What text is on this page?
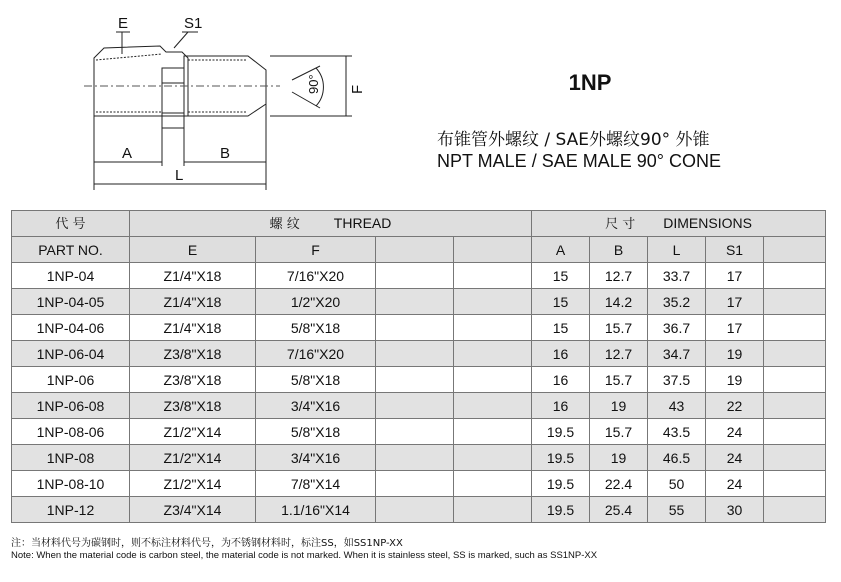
E	S1
A	B
L
F
90°	1NP
布锥管外螺纹 / SAE外螺纹90° 外锥
NPT MALE / SAE MALE 90° CONE
代 号	螺 纹 THREAD				尺 寸 DIMENSIONS				
PART NO.	E	F			A	B	L	S1	
1NP-04	Z1/4"X18	7/16"X20			15	12.7	33.7	17	
1NP-04-05	Z1/4"X18	1/2"X20			15	14.2	35.2	17	
1NP-04-06	Z1/4"X18	5/8"X18			15	15.7	36.7	17	
1NP-06-04	Z3/8"X18	7/16"X20			16	12.7	34.7	19	
1NP-06	Z3/8"X18	5/8"X18			16	15.7	37.5	19	
1NP-06-08	Z3/8"X18	3/4"X16			16	19	43	22	
1NP-08-06	Z1/2"X14	5/8"X18			19.5	15.7	43.5	24	
1NP-08	Z1/2"X14	3/4"X16			19.5	19	46.5	24	
1NP-08-10	Z1/2"X14	7/8"X14			19.5	22.4	50	24	
1NP-12	Z3/4"X14	1.1/16"X14			19.5	25.4	55	30	
注：当材料代号为碳钢时，则不标注材料代号，为不锈钢材料时，标注SS，如SS1NP-XX
Note: When the material code is carbon steel, the material code is not marked. When it is stainless steel, SS is marked, such as SS1NP-XX
